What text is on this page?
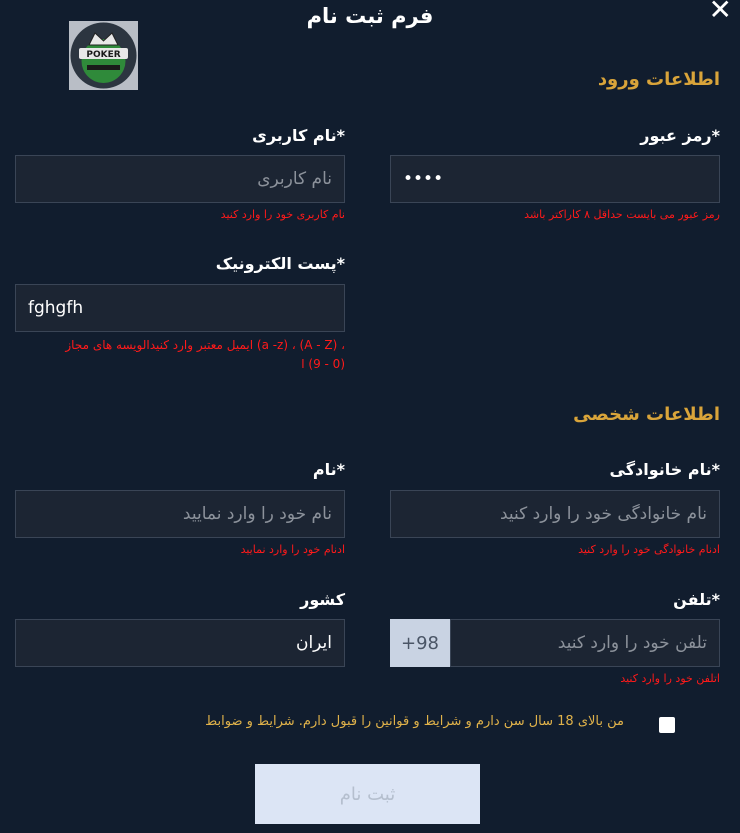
فرم ثبت نام	✕
POKER
اطلاعات ورود
*رمز عبور
••••
رمز عبور می بایست حداقل ۸ کاراکتر باشد
*نام کاربری
نام کاربری
نام کاربری خود را وارد کنید
*پست الکترونیک
fghgfh
، (A - Z) ، (a -z) ایمیل معتبر وارد کنیدالویسه های مجاز
(0 - 9) ا
اطلاعات شخصی
*نام خانوادگی
نام خانوادگی خود را وارد کنید
ادنام خانوادگی خود را وارد کنید
*نام
نام خود را وارد نمایید
ادنام خود را وارد نمایید
*تلفن
+98
تلفن خود را وارد کنید
اتلفن خود را وارد کنید
کشور
ایران
من بالای 18 سال سن دارم و شرایط و قوانین را قبول دارم. شرایط و ضوابط
ثبت نام
